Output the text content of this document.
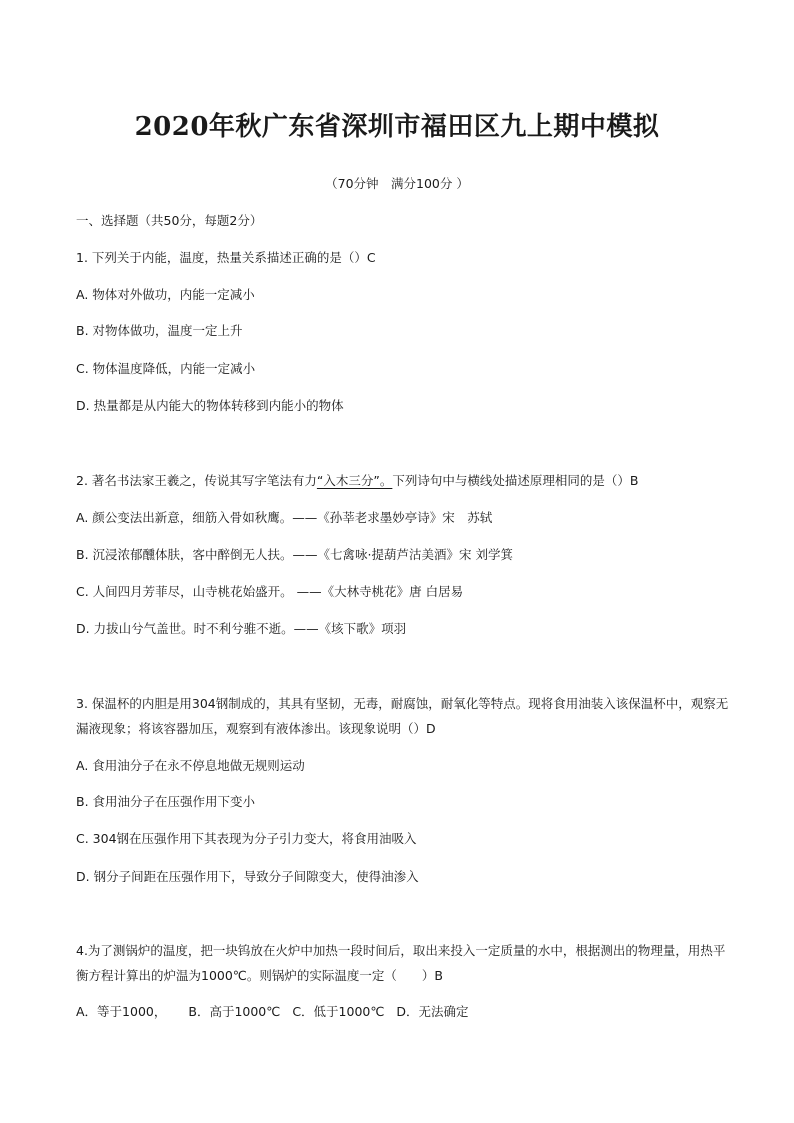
2020年秋广东省深圳市福田区九上期中模拟
（70分钟　满分100分 ）
一、选择题（共50分，每题2分）
1. 下列关于内能，温度，热量关系描述正确的是（）C
A. 物体对外做功，内能一定减小
B. 对物体做功，温度一定上升
C. 物体温度降低，内能一定减小
D. 热量都是从内能大的物体转移到内能小的物体
2. 著名书法家王羲之，传说其写字笔法有力“入木三分”。下列诗句中与横线处描述原理相同的是（）B
A. 颜公变法出新意，细筋入骨如秋鹰。——《孙莘老求墨妙亭诗》宋　苏轼
B. 沉浸浓郁醺体肤，客中醉倒无人扶。——《七禽咏·提葫芦沽美酒》宋 刘学箕
C. 人间四月芳菲尽，山寺桃花始盛开。 ——《大林寺桃花》唐 白居易
D. 力拔山兮气盖世。时不利兮骓不逝。——《垓下歌》项羽
3. 保温杯的内胆是用304钢制成的，其具有坚韧，无毒，耐腐蚀，耐氧化等特点。现将食用油装入该保温杯中，观察无漏液现象；将该容器加压，观察到有液体渗出。该现象说明（）D
A. 食用油分子在永不停息地做无规则运动
B. 食用油分子在压强作用下变小
C. 304钢在压强作用下其表现为分子引力变大，将食用油吸入
D. 钢分子间距在压强作用下，导致分子间隙变大，使得油渗入
4.为了测锅炉的温度，把一块钨放在火炉中加热一段时间后，取出来投入一定质量的水中，根据测出的物理量，用热平衡方程计算出的炉温为1000℃。则锅炉的实际温度一定（　　）B
A．等于1000， B．高于1000℃ C．低于1000℃ D．无法确定
